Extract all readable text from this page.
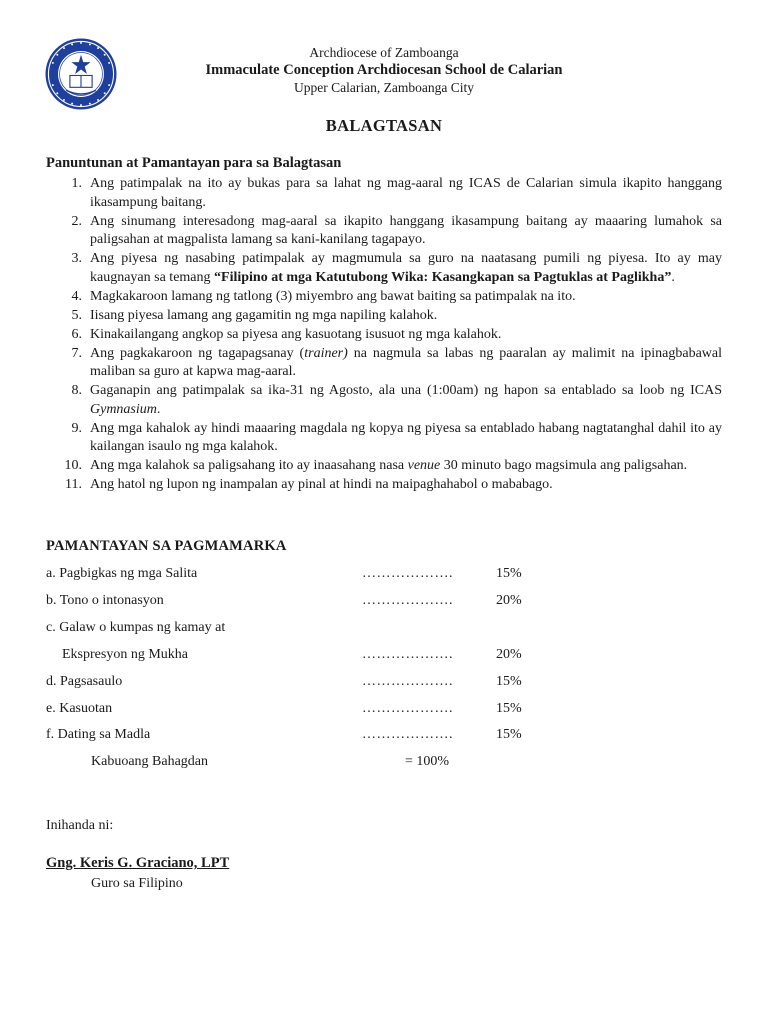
Archdiocese of Zamboanga
Immaculate Conception Archdiocesan School de Calarian
Upper Calarian, Zamboanga City
BALAGTASAN
Panuntunan at Pamantayan para sa Balagtasan
1. Ang patimpalak na ito ay bukas para sa lahat ng mag-aaral ng ICAS de Calarian simula ikapito hanggang ikasampung baitang.
2. Ang sinumang interesadong mag-aaral sa ikapito hanggang ikasampung baitang ay maaaring lumahok sa paligsahan at magpalista lamang sa kani-kanilang tagapayo.
3. Ang piyesa ng nasabing patimpalak ay magmumula sa guro na naatasang pumili ng piyesa. Ito ay may kaugnayan sa temang “Filipino at mga Katutubong Wika: Kasangkapan sa Pagtuklas at Paglikha”.
4. Magkakaroon lamang ng tatlong (3) miyembro ang bawat baiting sa patimpalak na ito.
5. Iisang piyesa lamang ang gagamitin ng mga napiling kalahok.
6. Kinakailangang angkop sa piyesa ang kasuotang isusuot ng mga kalahok.
7. Ang pagkakaroon ng tagapagsanay (trainer) na nagmula sa labas ng paaralan ay malimit na ipinagbabawal maliban sa guro at kapwa mag-aaral.
8. Gaganapin ang patimpalak sa ika-31 ng Agosto, ala una (1:00am) ng hapon sa entablado sa loob ng ICAS Gymnasium.
9. Ang mga kahalok ay hindi maaaring magdala ng kopya ng piyesa sa entablado habang nagtatanghal dahil ito ay kailangan isaulo ng mga kalahok.
10. Ang mga kalahok sa paligsahang ito ay inaasahang nasa venue 30 minuto bago magsimula ang paligsahan.
11. Ang hatol ng lupon ng inampalan ay pinal at hindi na maipaghahabol o mababago.
PAMANTAYAN SA PAGMAMARKA
a. Pagbigkas ng mga Salita	……………….	15%
b. Tono o intonasyon	……………….	20%
c. Galaw o kumpas ng kamay at
Ekspresyon ng Mukha	……………….	20%
d. Pagsasaulo	……………….	15%
e. Kasuotan	……………….	15%
f. Dating sa Madla	……………….	15%
Kabuoang Bahagdan	= 100%
Inihanda ni:
Gng. Keris G. Graciano, LPT
Guro sa Filipino
